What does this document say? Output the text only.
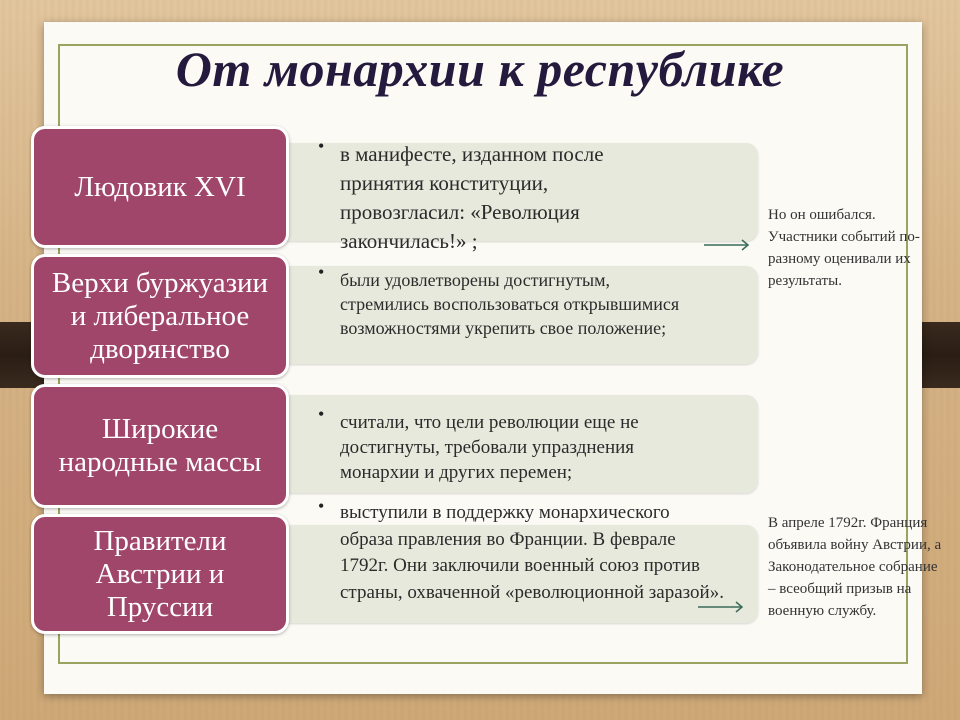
От монархии к республике
Людовик XVI
• в манифесте, изданном после принятия конституции, провозгласил: «Революция закончилась!» ;
Верхи буржуазии и либеральное дворянство
• были удовлетворены достигнутым, стремились воспользоваться открывшимися возможностями укрепить свое положение;
Широкие народные массы
• считали, что цели революции еще не достигнуты, требовали упразднения монархии и других перемен;
Правители Австрии и Пруссии
• выступили в поддержку монархического образа правления во Франции. В феврале 1792г. Они заключили военный союз против страны, охваченной «революционной заразой».
Но он ошибался. Участники событий по-разному оценивали их результаты.
В апреле 1792г. Франция объявила войну Австрии, а Законодательное собрание – всеобщий призыв на военную службу.
